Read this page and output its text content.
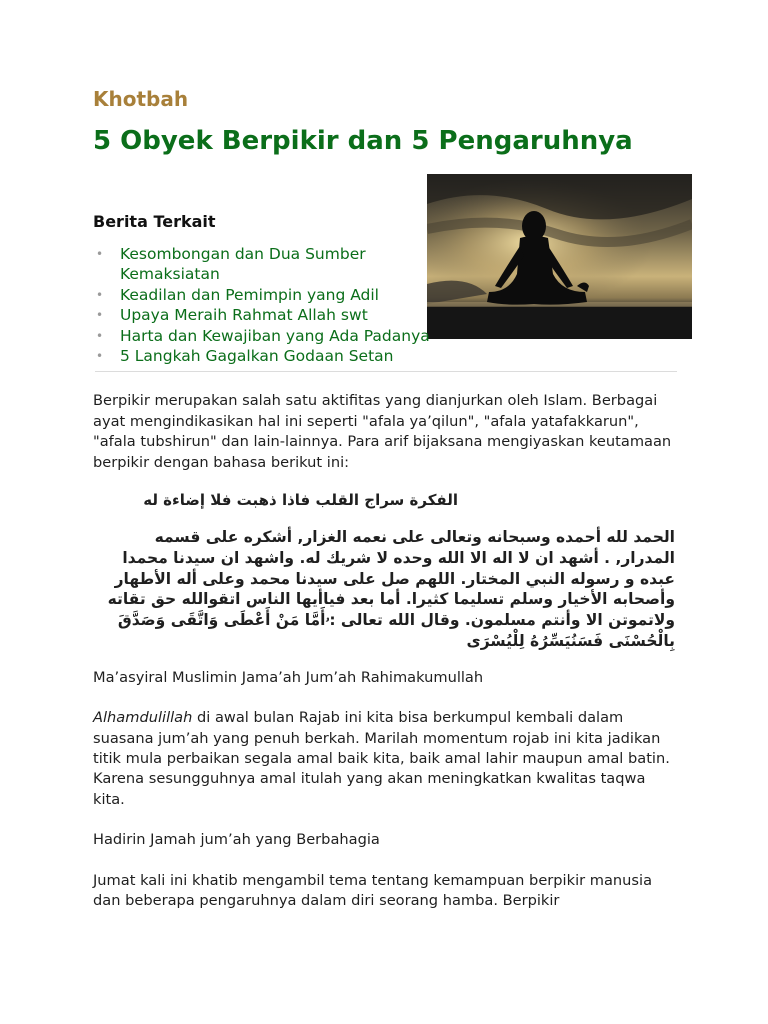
Khotbah
5 Obyek Berpikir dan 5 Pengaruhnya
Berita Terkait
• Kesombongan dan Dua Sumber Kemaksiatan
• Keadilan dan Pemimpin yang Adil
• Upaya Meraih Rahmat Allah swt
• Harta dan Kewajiban yang Ada Padanya
• 5 Langkah Gagalkan Godaan Setan

Berpikir merupakan salah satu aktifitas yang dianjurkan oleh Islam. Berbagai ayat mengindikasikan hal ini seperti "afala ya’qilun", "afala yatafakkarun", "afala tubshirun" dan lain-lainnya. Para arif bijaksana mengiyaskan keutamaan berpikir dengan bahasa berikut ini:

الفكرة سراج القلب فاذا ذهبت فلا إضاءة له

الحمد لله أحمده وسبحانه وتعالى على نعمه الغزار, أشكره على قسمه المدرار, . أشهد ان لا اله الا الله وحده لا شريك له. واشهد ان سيدنا محمدا عبده و رسوله النبي المختار. اللهم صل على سيدنا محمد وعلى أله الأطهار وأصحابه الأخيار وسلم تسليما كثيرا. أما بعد فياأيها الناس اتقوالله حق تقاته ولاتموتن الا وأنتم مسلمون. وقال الله تعالى :ۥأَمَّا مَنْ أَعْطَى وَاتَّقَى وَصَدَّقَ بِالْحُسْنَى فَسَنُيَسِّرُهُ لِلْيُسْرَى

Ma’asyiral Muslimin Jama’ah Jum’ah Rahimakumullah

Alhamdulillah di awal bulan Rajab ini kita bisa berkumpul kembali dalam suasana jum’ah yang penuh berkah. Marilah momentum rojab ini kita jadikan titik mula perbaikan segala amal baik kita, baik amal lahir maupun amal batin. Karena sesungguhnya amal itulah yang akan meningkatkan kwalitas taqwa kita.

Hadirin Jamah jum’ah yang Berbahagia

Jumat kali ini khatib mengambil tema tentang kemampuan berpikir manusia dan beberapa pengaruhnya dalam diri seorang hamba. Berpikir
